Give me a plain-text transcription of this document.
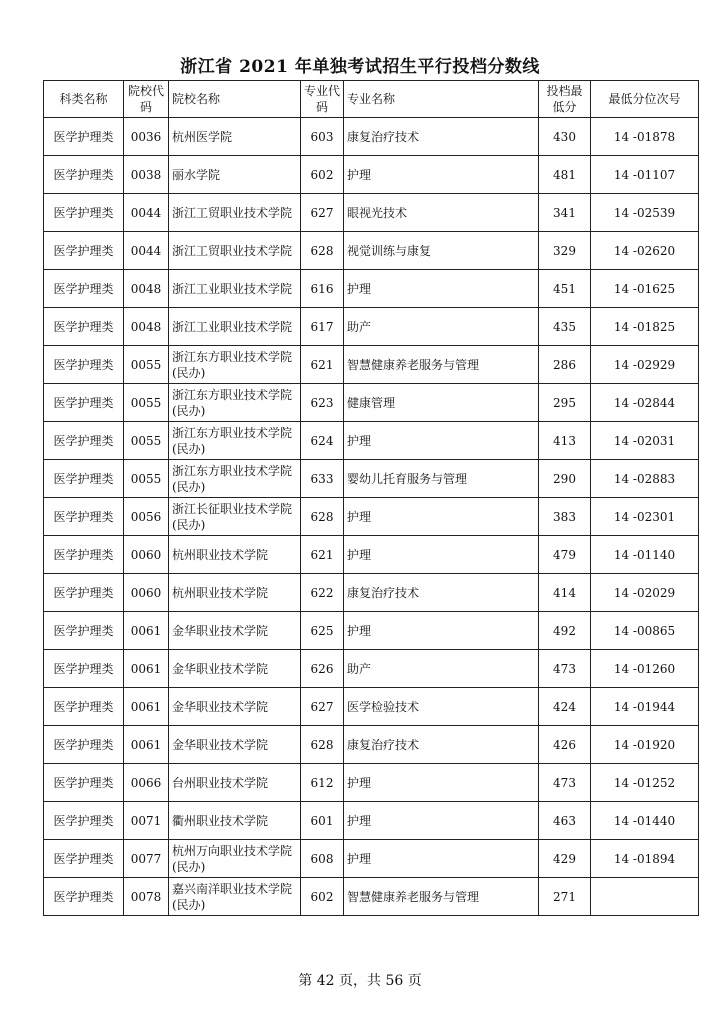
浙江省 2021 年单独考试招生平行投档分数线
科类名称	院校代码	院校名称	专业代码	专业名称	投档最低分	最低分位次号
医学护理类	0036	杭州医学院	603	康复治疗技术	430	14 -01878
医学护理类	0038	丽水学院	602	护理	481	14 -01107
医学护理类	0044	浙江工贸职业技术学院	627	眼视光技术	341	14 -02539
医学护理类	0044	浙江工贸职业技术学院	628	视觉训练与康复	329	14 -02620
医学护理类	0048	浙江工业职业技术学院	616	护理	451	14 -01625
医学护理类	0048	浙江工业职业技术学院	617	助产	435	14 -01825
医学护理类	0055	浙江东方职业技术学院(民办)	621	智慧健康养老服务与管理	286	14 -02929
医学护理类	0055	浙江东方职业技术学院(民办)	623	健康管理	295	14 -02844
医学护理类	0055	浙江东方职业技术学院(民办)	624	护理	413	14 -02031
医学护理类	0055	浙江东方职业技术学院(民办)	633	婴幼儿托育服务与管理	290	14 -02883
医学护理类	0056	浙江长征职业技术学院(民办)	628	护理	383	14 -02301
医学护理类	0060	杭州职业技术学院	621	护理	479	14 -01140
医学护理类	0060	杭州职业技术学院	622	康复治疗技术	414	14 -02029
医学护理类	0061	金华职业技术学院	625	护理	492	14 -00865
医学护理类	0061	金华职业技术学院	626	助产	473	14 -01260
医学护理类	0061	金华职业技术学院	627	医学检验技术	424	14 -01944
医学护理类	0061	金华职业技术学院	628	康复治疗技术	426	14 -01920
医学护理类	0066	台州职业技术学院	612	护理	473	14 -01252
医学护理类	0071	衢州职业技术学院	601	护理	463	14 -01440
医学护理类	0077	杭州万向职业技术学院(民办)	608	护理	429	14 -01894
医学护理类	0078	嘉兴南洋职业技术学院(民办)	602	智慧健康养老服务与管理	271	
第 42 页，共 56 页
